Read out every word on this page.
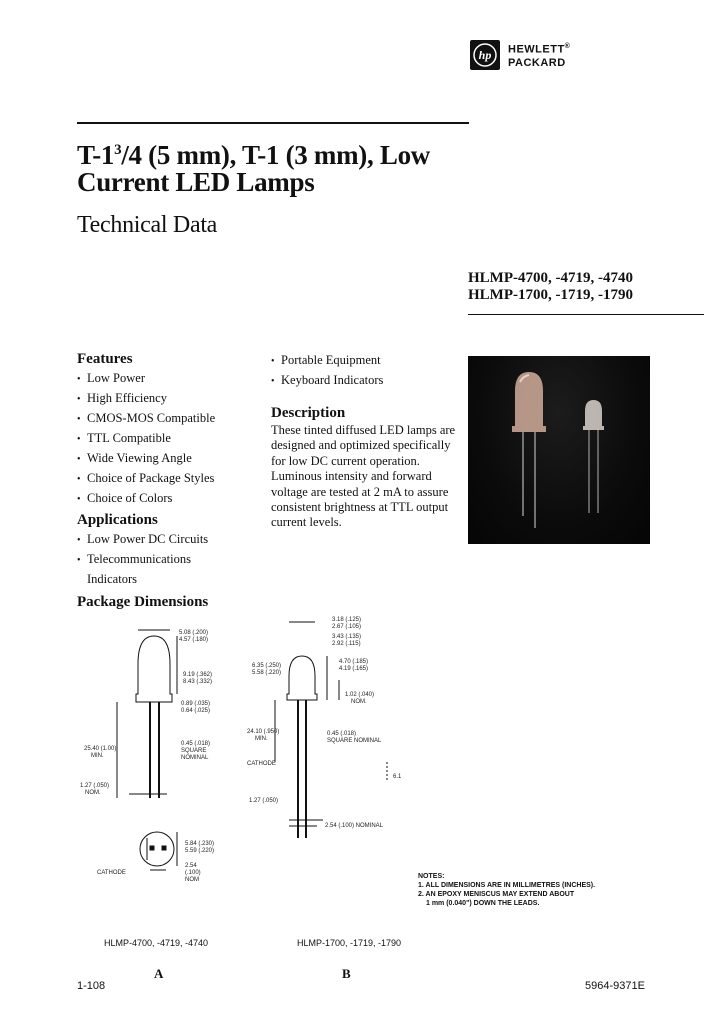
hp HEWLETT®
PACKARD
$T-1^3/4$ (5 mm), T-1 (3 mm), Low
Current LED Lamps
Technical Data
HLMP-4700, -4719, -4740
HLMP-1700, -1719, -1790
Features
• Low Power
• High Efficiency
• CMOS-MOS Compatible
• TTL Compatible
• Wide Viewing Angle
• Choice of Package Styles
• Choice of Colors
• Portable Equipment
• Keyboard Indicators
Applications
• Low Power DC Circuits
• Telecommunications
Indicators
Description

These tinted diffused LED lamps are designed and optimized specifically for low DC current operation. Luminous intensity and forward voltage are tested at 2 mA to assure consistent brightness at TTL output current levels.

Package Dimensions
5.08 (.200)
4.57 (.180)
9.19 (.362)
8.43 (.332)
0.89 (.035)
0.64 (.025)
25.40 (1.00)
MIN.
0.45 (.018)
SQUARE
NOMINAL
1.27 (.050)
NOM.
CATHODE
5.84 (.230)
5.59 (.220)
2.54
(.100)
NOM
3.18 (.125)
2.67 (.105)
3.43 (.135)
2.92 (.115)
6.35 (.250)
5.58 (.220)
4.70 (.185)
4.19 (.165)
1.02 (.040)
NOM.
24.10 (.950)
MIN.
0.45 (.018)
SQUARE NOMINAL
CATHODE
1.27 (.050)
2.54 (.100) NOMINAL
6.1
HLMP-4700, -4719, -4740	HLMP-1700, -1719, -1790
NOTES:
1. ALL DIMENSIONS ARE IN MILLIMETRES (INCHES).
2. AN EPOXY MENISCUS MAY EXTEND ABOUT
1 mm (0.040") DOWN THE LEADS.
A	B
1-108	5964-9371E
